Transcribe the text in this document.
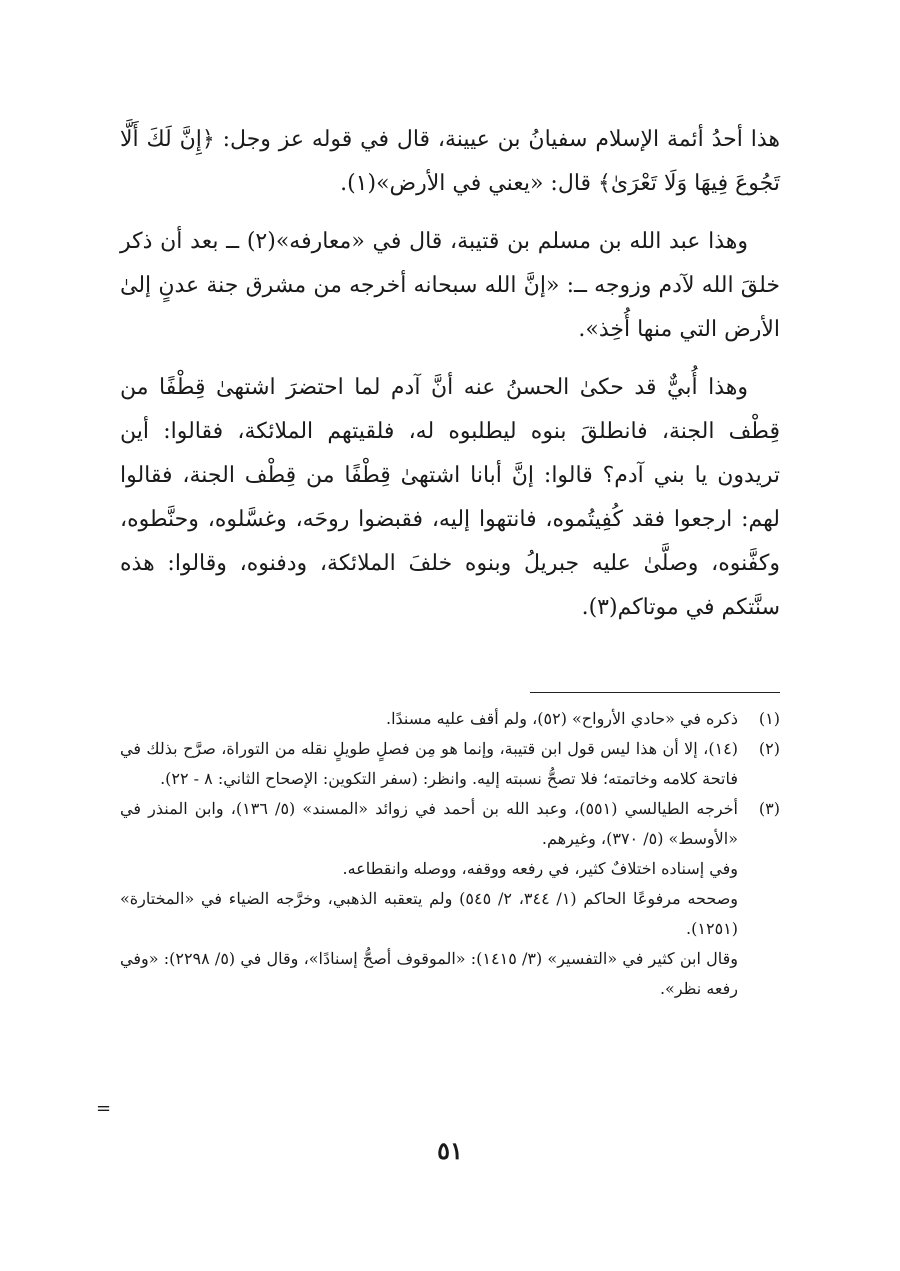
هذا أحدُ أئمة الإسلام سفيانُ بن عيينة، قال في قوله عز وجل: ﴿إِنَّ لَكَ أَلَّا تَجُوعَ فِيهَا وَلَا تَعْرَىٰ﴾ قال: «يعني في الأرض»(١).

وهذا عبد الله بن مسلم بن قتيبة، قال في «معارفه»(٢) ــ بعد أن ذكر خلقَ الله لآدم وزوجه ــ: «إنَّ الله سبحانه أخرجه من مشرق جنة عدنٍ إلىٰ الأرض التي منها أُخِذ».

وهذا أُبيٌّ قد حكىٰ الحسنُ عنه أنَّ آدم لما احتضرَ اشتهىٰ قِطْفًا من قِطْف الجنة، فانطلقَ بنوه ليطلبوه له، فلقيتهم الملائكة، فقالوا: أين تريدون يا بني آدم؟ قالوا: إنَّ أبانا اشتهىٰ قِطْفًا من قِطْف الجنة، فقالوا لهم: ارجعوا فقد كُفِيتُموه، فانتهوا إليه، فقبضوا روحَه، وغسَّلوه، وحنَّطوه، وكفَّنوه، وصلَّىٰ عليه جبريلُ وبنوه خلفَ الملائكة، ودفنوه، وقالوا: هذه سنَّتكم في موتاكم(٣).

(١)

ذكره في «حادي الأرواح» (٥٢)، ولم أقف عليه مسندًا.

(٢)

(١٤)، إلا أن هذا ليس قول ابن قتيبة، وإنما هو مِن فصلٍ طويلٍ نقله من التوراة، صرَّح بذلك في فاتحة كلامه وخاتمته؛ فلا تصحُّ نسبته إليه. وانظر: (سفر التكوين: الإصحاح الثاني: ٨ - ٢٢).

(٣)

أخرجه الطيالسي (٥٥١)، وعبد الله بن أحمد في زوائد «المسند» (٥/ ١٣٦)، وابن المنذر في «الأوسط» (٥/ ٣٧٠)، وغيرهم.

وفي إسناده اختلافٌ كثير، في رفعه ووقفه، ووصله وانقطاعه.

وصححه مرفوعًا الحاكم (١/ ٣٤٤، ٢/ ٥٤٥) ولم يتعقبه الذهبي، وخرَّجه الضياء في «المختارة» (١٢٥١).

وقال ابن كثير في «التفسير» (٣/ ١٤١٥): «الموقوف أصحُّ إسنادًا»، وقال في (٥/ ٢٢٩٨): «وفي رفعه نظر».

=
٥١
